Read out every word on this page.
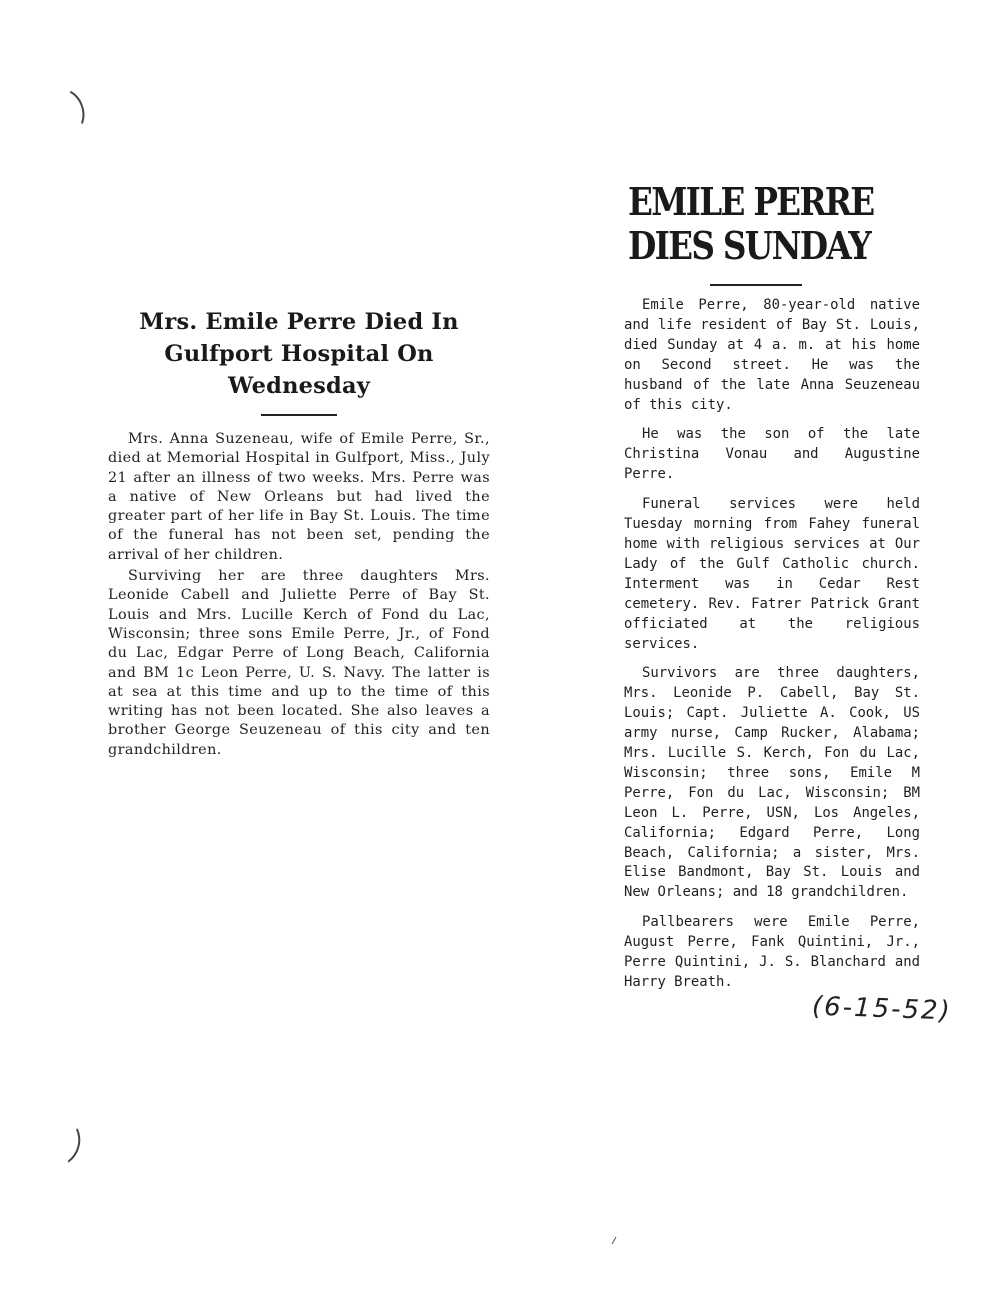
Mrs. Emile Perre Died In Gulfport Hospital On Wednesday

Mrs. Anna Suzeneau, wife of Emile Perre, Sr., died at Memorial Hospital in Gulfport, Miss., July 21 after an illness of two weeks. Mrs. Perre was a native of New Orleans but had lived the greater part of her life in Bay St. Louis. The time of the funeral has not been set, pending the arrival of her children.

Surviving her are three daughters Mrs. Leonide Cabell and Juliette Perre of Bay St. Louis and Mrs. Lucille Kerch of Fond du Lac, Wisconsin; three sons Emile Perre, Jr., of Fond du Lac, Edgar Perre of Long Beach, California and BM 1c Leon Perre, U. S. Navy. The latter is at sea at this time and up to the time of this writing has not been located. She also leaves a brother George Seuzeneau of this city and ten grandchildren.

EMILE PERRE
DIES SUNDAY

Emile Perre, 80-year-old native and life resident of Bay St. Louis, died Sunday at 4 a. m. at his home on Second street. He was the husband of the late Anna Seuzeneau of this city.

He was the son of the late Christina Vonau and Augustine Perre.

Funeral services were held Tuesday morning from Fahey funeral home with religious services at Our Lady of the Gulf Catholic church. Interment was in Cedar Rest cemetery. Rev. Fatrer Patrick Grant officiated at the religious services.

Survivors are three daughters, Mrs. Leonide P. Cabell, Bay St. Louis; Capt. Juliette A. Cook, US army nurse, Camp Rucker, Alabama; Mrs. Lucille S. Kerch, Fon du Lac, Wisconsin; three sons, Emile M Perre, Fon du Lac, Wisconsin; BM Leon L. Perre, USN, Los Angeles, California; Edgard Perre, Long Beach, California; a sister, Mrs. Elise Bandmont, Bay St. Louis and New Orleans; and 18 grandchildren.

Pallbearers were Emile Perre, August Perre, Fank Quintini, Jr., Perre Quintini, J. S. Blanchard and Harry Breath.

(6-15-52)
